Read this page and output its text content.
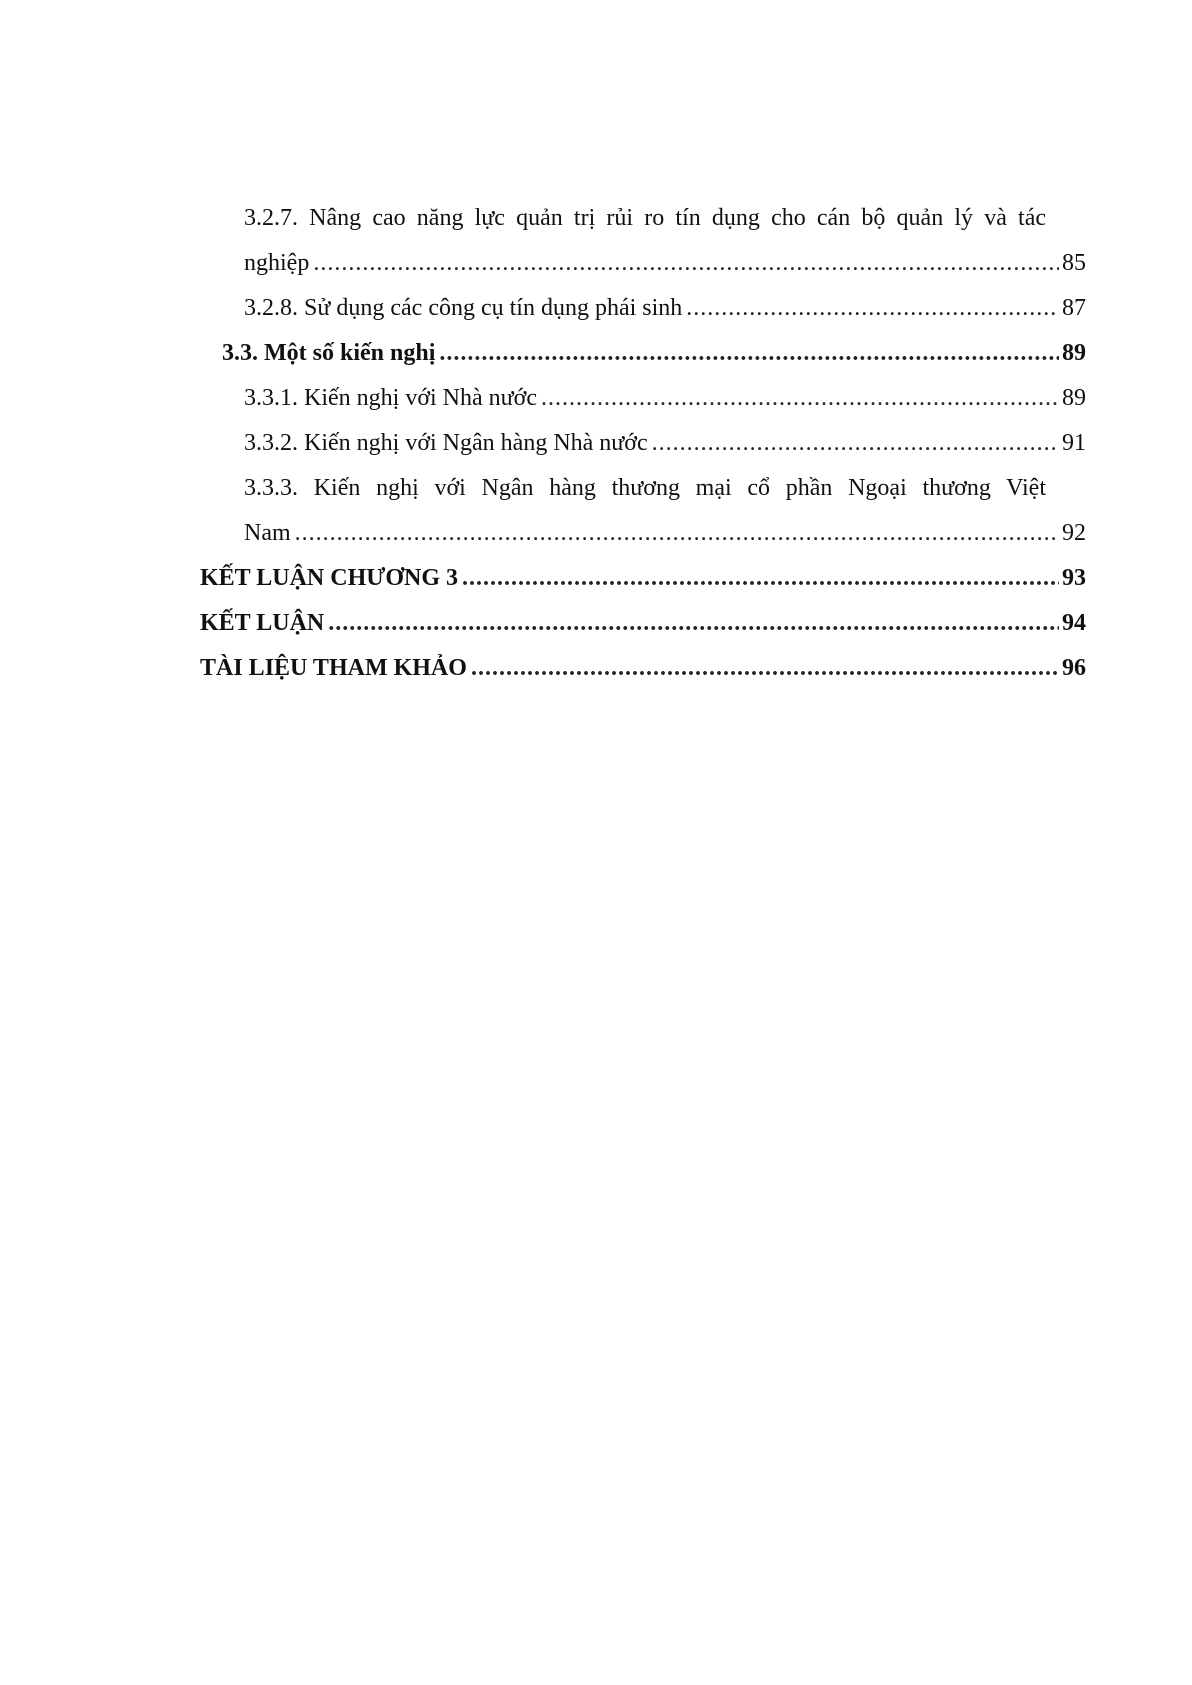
3.2.7. Nâng cao năng lực quản trị rủi ro tín dụng cho cán bộ quản lý và tác
nghiệp .....	85
3.2.8. Sử dụng các công cụ tín dụng phái sinh .....	87
3.3. Một số kiến nghị .....	89
3.3.1. Kiến nghị với Nhà nước .....	89
3.3.2. Kiến nghị với Ngân hàng Nhà nước .....	91
3.3.3. Kiến nghị với Ngân hàng thương mại cổ phần Ngoại thương Việt
Nam .....	92
KẾT LUẬN CHƯƠNG 3 .....	93
KẾT LUẬN .....	94
TÀI LIỆU THAM KHẢO .....	96
